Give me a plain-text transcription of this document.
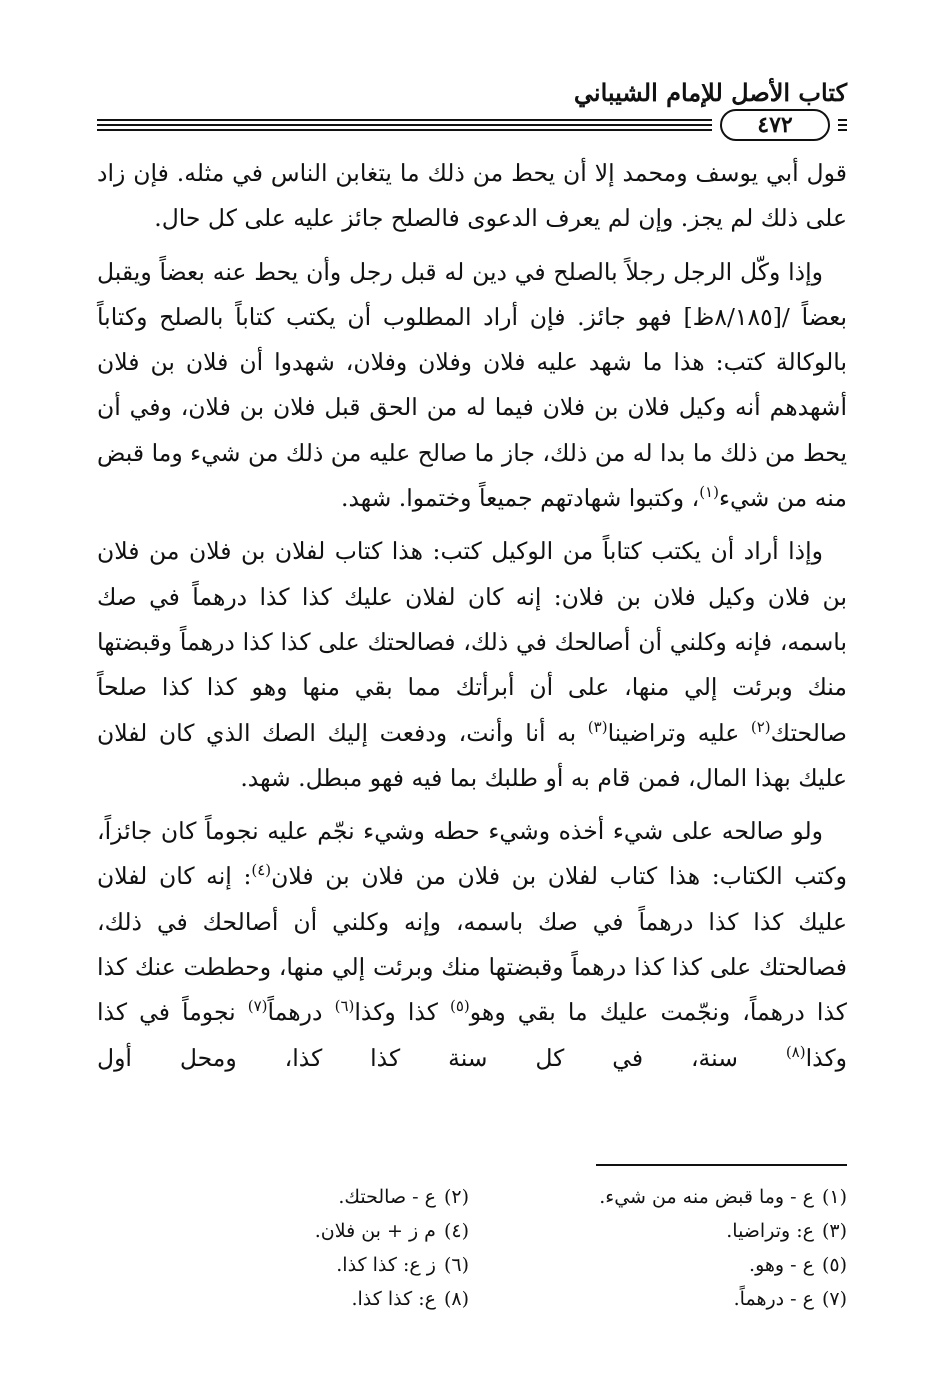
كتاب الأصل للإمام الشيباني
٤٧٢

قول أبي يوسف ومحمد إلا أن يحط من ذلك ما يتغابن الناس في مثله. فإن زاد على ذلك لم يجز. وإن لم يعرف الدعوى فالصلح جائز عليه على كل حال.

وإذا وكّل الرجل رجلاً بالصلح في دين له قبل رجل وأن يحط عنه بعضاً ويقبل بعضاً /[٨/١٨٥ظ] فهو جائز. فإن أراد المطلوب أن يكتب كتاباً بالصلح وكتاباً بالوكالة كتب: هذا ما شهد عليه فلان وفلان وفلان، شهدوا أن فلان بن فلان أشهدهم أنه وكيل فلان بن فلان فيما له من الحق قبل فلان بن فلان، وفي أن يحط من ذلك ما بدا له من ذلك، جاز ما صالح عليه من ذلك من شيء وما قبض منه من شيء$^{(١)}$، وكتبوا شهادتهم جميعاً وختموا. شهد.

وإذا أراد أن يكتب كتاباً من الوكيل كتب: هذا كتاب لفلان بن فلان من فلان بن فلان وكيل فلان بن فلان: إنه كان لفلان عليك كذا كذا درهماً في صك باسمه، فإنه وكلني أن أصالحك في ذلك، فصالحتك على كذا كذا درهماً وقبضتها منك وبرئت إلي منها، على أن أبرأتك مما بقي منها وهو كذا كذا صلحاً صالحتك$^{(٢)}$ عليه وتراضينا$^{(٣)}$ به أنا وأنت، ودفعت إليك الصك الذي كان لفلان عليك بهذا المال، فمن قام به أو طلبك بما فيه فهو مبطل. شهد.

ولو صالحه على شيء أخذه وشيء حطه وشيء نجّم عليه نجوماً كان جائزاً، وكتب الكتاب: هذا كتاب لفلان بن فلان من فلان بن فلان$^{(٤)}$: إنه كان لفلان عليك كذا كذا درهماً في صك باسمه، وإنه وكلني أن أصالحك في ذلك، فصالحتك على كذا كذا درهماً وقبضتها منك وبرئت إلي منها، وحططت عنك كذا كذا درهماً، ونجّمت عليك ما بقي وهو$^{(٥)}$ كذا وكذا$^{(٦)}$ درهماً$^{(٧)}$ نجوماً في كذا وكذا$^{(٨)}$ سنة، في كل سنة كذا كذا، ومحل أول

(١)ع - وما قبض منه من شيء.
(٢)ع - صالحتك.
(٣)ع: وتراضيا.
(٤)م ز + بن فلان.
(٥)ع - وهو.
(٦)ز ع: كذا كذا.
(٧)ع - درهماً.
(٨)ع: كذا كذا.
